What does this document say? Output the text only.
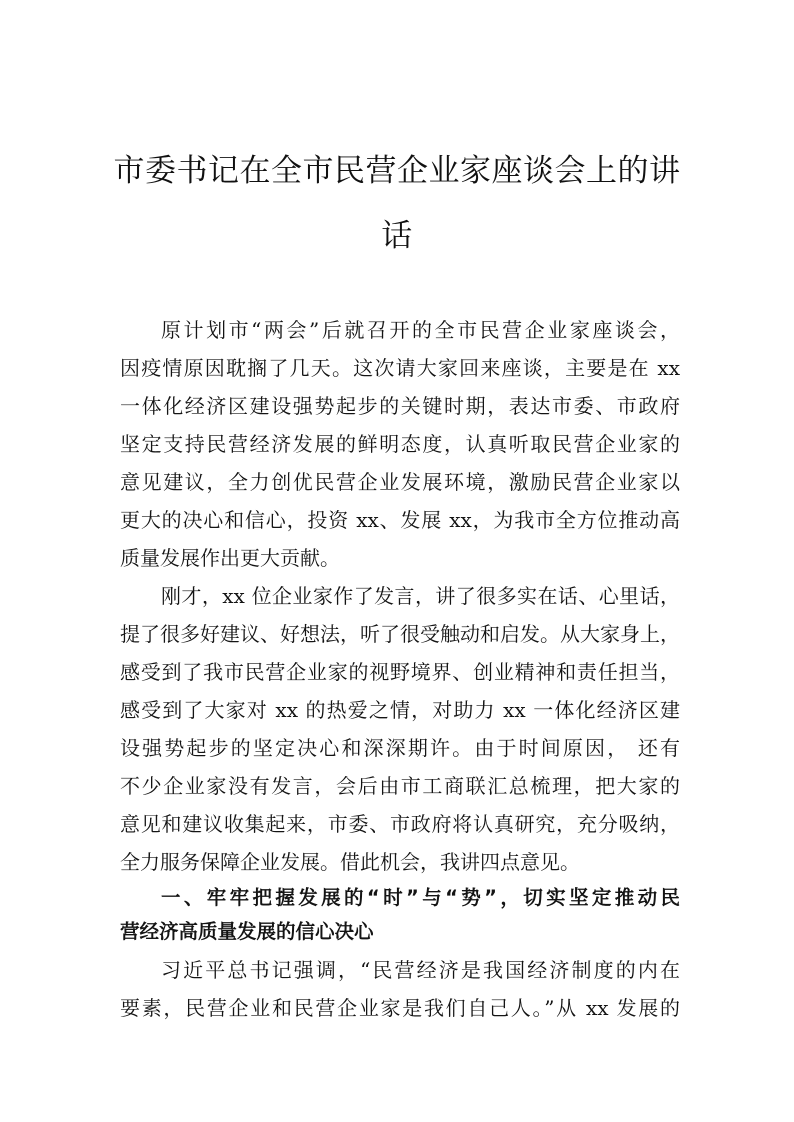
市委书记在全市民营企业家座谈会上的讲
话
原计划市“两会”后就召开的全市民营企业家座谈会，
因疫情原因耽搁了几天。这次请大家回来座谈，主要是在 xx
一体化经济区建设强势起步的关键时期，表达市委、市政府
坚定支持民营经济发展的鲜明态度，认真听取民营企业家的
意见建议，全力创优民营企业发展环境，激励民营企业家以
更大的决心和信心，投资 xx、发展 xx，为我市全方位推动高
质量发展作出更大贡献。
刚才，xx 位企业家作了发言，讲了很多实在话、心里话，
提了很多好建议、好想法，听了很受触动和启发。从大家身上，
感受到了我市民营企业家的视野境界、创业精神和责任担当，
感受到了大家对 xx 的热爱之情，对助力 xx 一体化经济区建
设强势起步的坚定决心和深深期许。由于时间原因， 还有
不少企业家没有发言，会后由市工商联汇总梳理，把大家的
意见和建议收集起来，市委、市政府将认真研究，充分吸纳，
全力服务保障企业发展。借此机会，我讲四点意见。
一、牢牢把握发展的“时”与“势”，切实坚定推动民
营经济高质量发展的信心决心
习近平总书记强调，“民营经济是我国经济制度的内在
要素，民营企业和民营企业家是我们自己人。”从 xx 发展的
